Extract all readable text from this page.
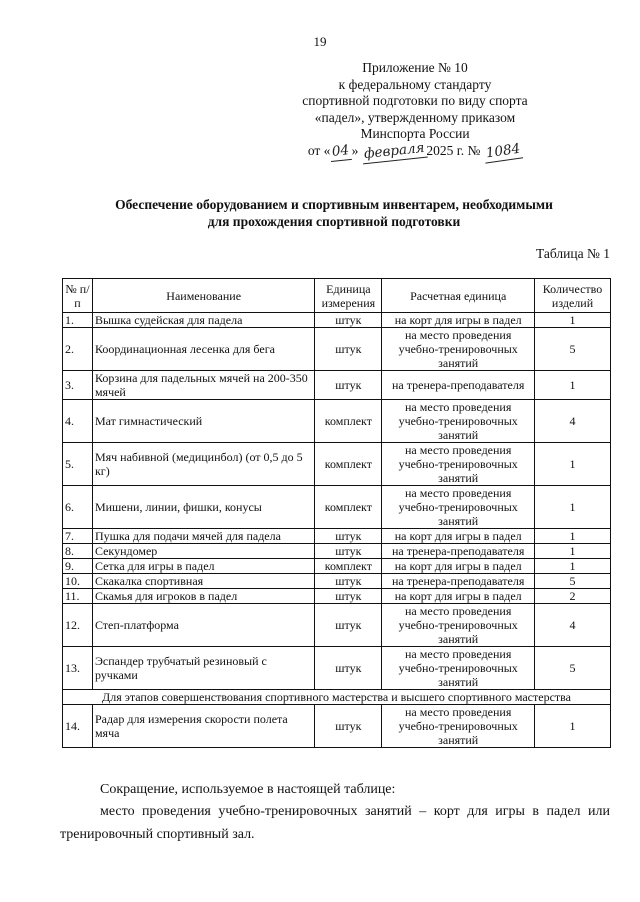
19
Приложение № 10
к федеральному стандарту
спортивной подготовки по виду спорта
«падел», утвержденному приказом
Минспорта России
от «04» февраля2025 г. № 1084
Обеспечение оборудованием и спортивным инвентарем, необходимыми
для прохождения спортивной подготовки
Таблица № 1
№ п/п	Наименование	Единица измерения	Расчетная единица	Количество изделий
1.	Вышка судейская для падела	штук	на корт для игры в падел	1
2.	Координационная лесенка для бега	штук	на место проведения учебно-тренировочных занятий	5
3.	Корзина для падельных мячей на 200-350 мячей	штук	на тренера-преподавателя	1
4.	Мат гимнастический	комплект	на место проведения учебно-тренировочных занятий	4
5.	Мяч набивной (медицинбол) (от 0,5 до 5 кг)	комплект	на место проведения учебно-тренировочных занятий	1
6.	Мишени, линии, фишки, конусы	комплект	на место проведения учебно-тренировочных занятий	1
7.	Пушка для подачи мячей для падела	штук	на корт для игры в падел	1
8.	Секундомер	штук	на тренера-преподавателя	1
9.	Сетка для игры в падел	комплект	на корт для игры в падел	1
10.	Скакалка спортивная	штук	на тренера-преподавателя	5
11.	Скамья для игроков в падел	штук	на корт для игры в падел	2
12.	Степ-платформа	штук	на место проведения учебно-тренировочных занятий	4
13.	Эспандер трубчатый резиновый с ручками	штук	на место проведения учебно-тренировочных занятий	5
Для этапов совершенствования спортивного мастерства и высшего спортивного мастерства				
14.	Радар для измерения скорости полета мяча	штук	на место проведения учебно-тренировочных занятий	1
Сокращение, используемое в настоящей таблице:
место проведения учебно-тренировочных занятий – корт для игры в падел или тренировочный спортивный зал.
